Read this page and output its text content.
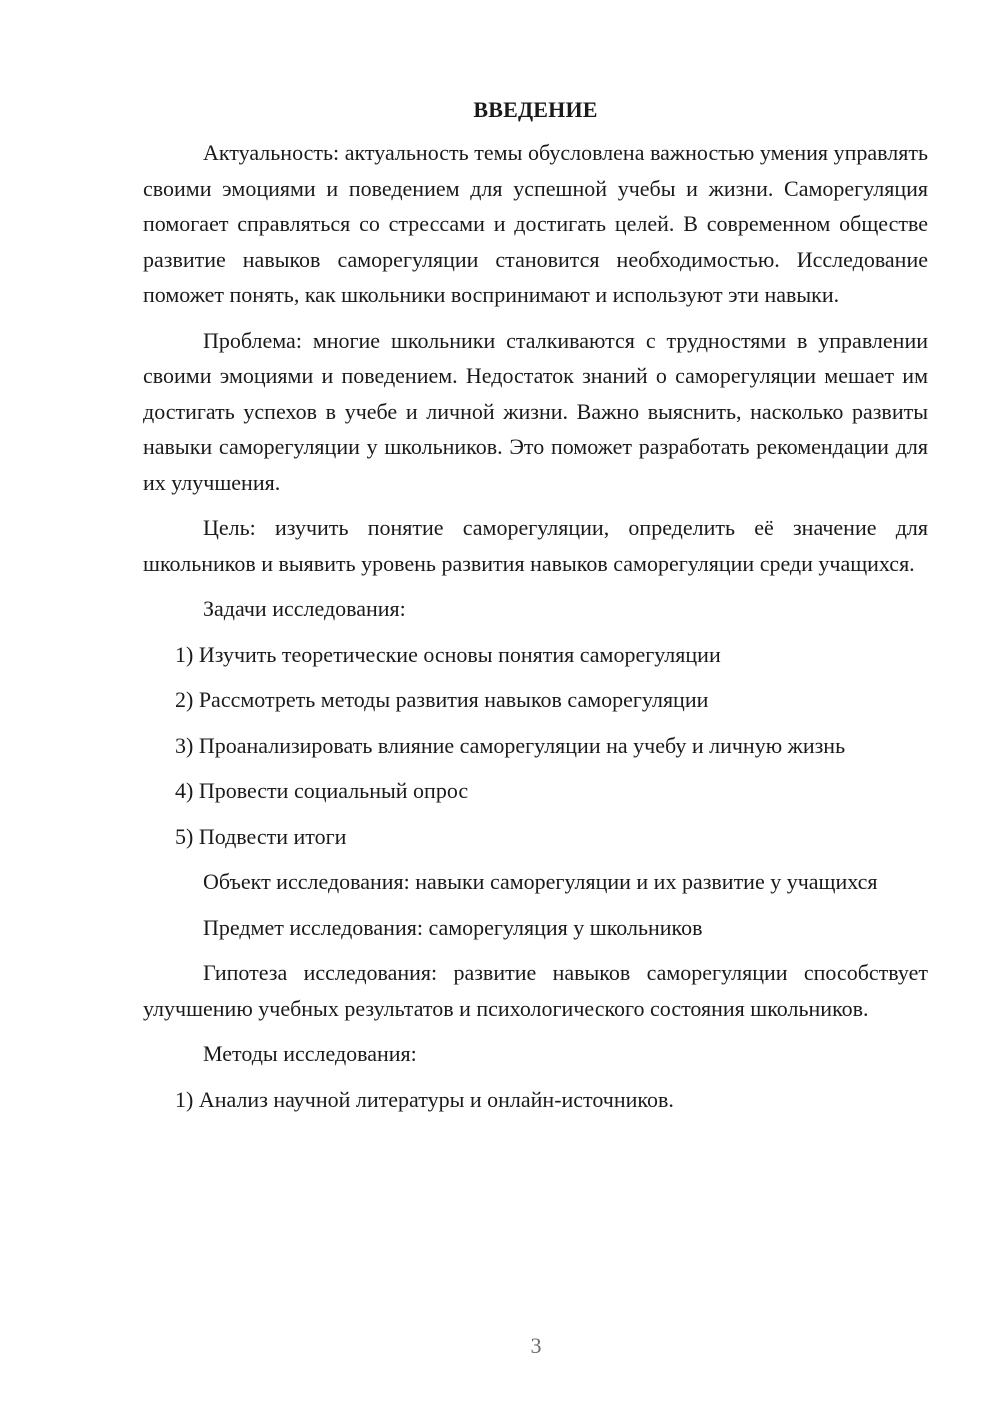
ВВЕДЕНИЕ

Актуальность: актуальность темы обусловлена важностью умения управлять своими эмоциями и поведением для успешной учебы и жизни. Саморегуляция помогает справляться со стрессами и достигать целей. В современном обществе развитие навыков саморегуляции становится необходимостью. Исследование поможет понять, как школьники воспринимают и используют эти навыки.

Проблема: многие школьники сталкиваются с трудностями в управлении своими эмоциями и поведением. Недостаток знаний о саморегуляции мешает им достигать успехов в учебе и личной жизни. Важно выяснить, насколько развиты навыки саморегуляции у школьников. Это поможет разработать рекомендации для их улучшения.

Цель: изучить понятие саморегуляции, определить её значение для школьников и выявить уровень развития навыков саморегуляции среди учащихся.

Задачи исследования:

1) Изучить теоретические основы понятия саморегуляции

2) Рассмотреть методы развития навыков саморегуляции

3) Проанализировать влияние саморегуляции на учебу и личную жизнь

4) Провести социальный опрос

5) Подвести итоги

Объект исследования: навыки саморегуляции и их развитие у учащихся

Предмет исследования: саморегуляция у школьников

Гипотеза исследования: развитие навыков саморегуляции способствует улучшению учебных результатов и психологического состояния школьников.

Методы исследования:

1) Анализ научной литературы и онлайн-источников.

3
